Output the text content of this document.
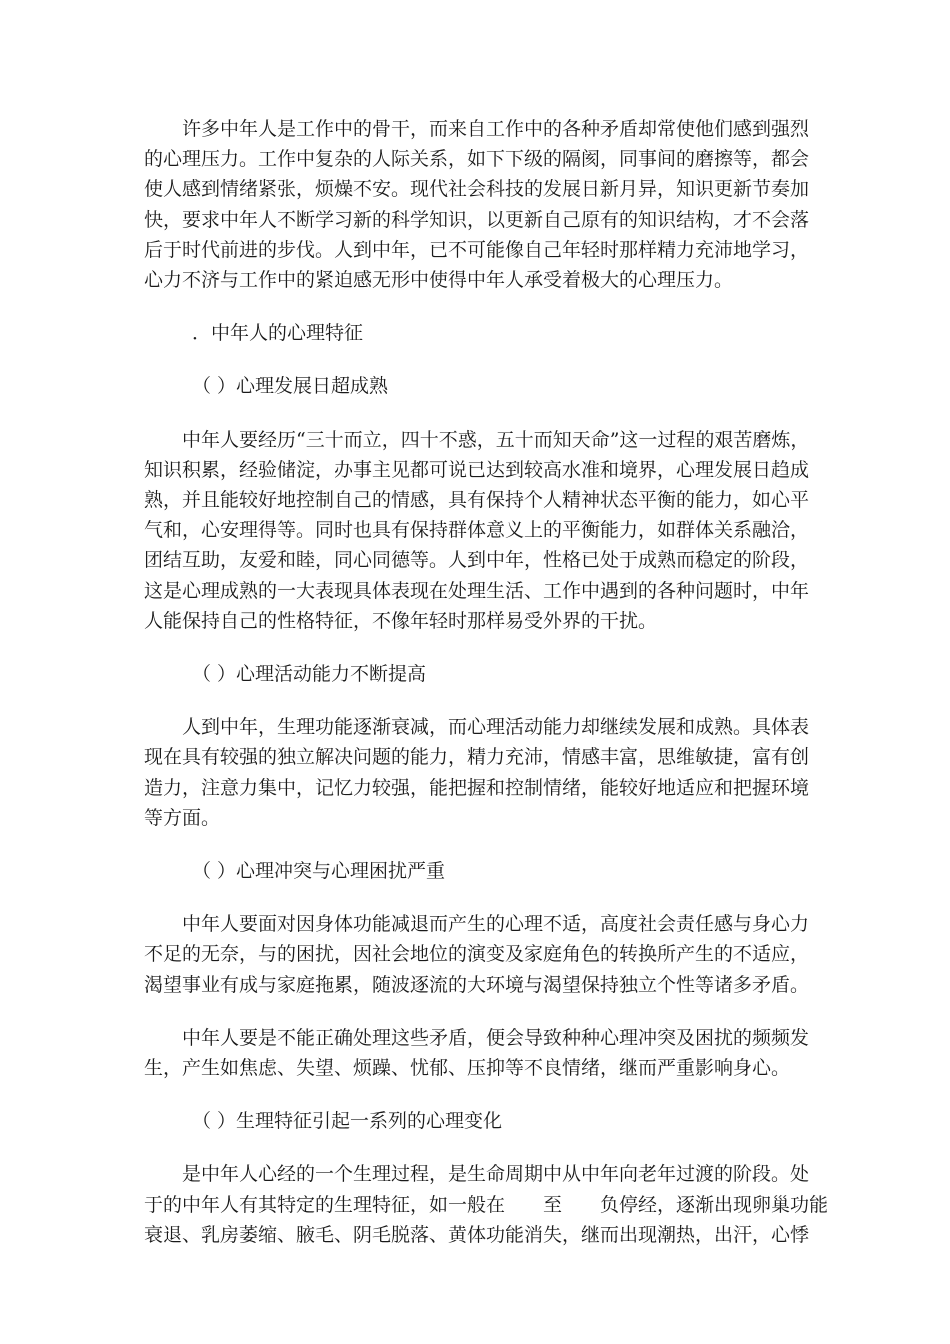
许多中年人是工作中的骨干，而来自工作中的各种矛盾却常使他们感到强烈
的心理压力。工作中复杂的人际关系，如下下级的隔阂，同事间的磨擦等，都会
使人感到情绪紧张，烦燥不安。现代社会科技的发展日新月异，知识更新节奏加
快，要求中年人不断学习新的科学知识，以更新自己原有的知识结构，才不会落
后于时代前进的步伐。人到中年，已不可能像自己年轻时那样精力充沛地学习，
心力不济与工作中的紧迫感无形中使得中年人承受着极大的心理压力。

．中年人的心理特征

（ ）心理发展日超成熟

中年人要经历“三十而立，四十不惑，五十而知天命”这一过程的艰苦磨炼，
知识积累，经验储淀，办事主见都可说已达到较高水准和境界，心理发展日趋成
熟，并且能较好地控制自己的情感，具有保持个人精神状态平衡的能力，如心平
气和，心安理得等。同时也具有保持群体意义上的平衡能力，如群体关系融洽，
团结互助，友爱和睦，同心同德等。人到中年，性格已处于成熟而稳定的阶段，
这是心理成熟的一大表现具体表现在处理生活、工作中遇到的各种问题时，中年
人能保持自己的性格特征，不像年轻时那样易受外界的干扰。

（ ）心理活动能力不断提高

人到中年，生理功能逐渐衰减，而心理活动能力却继续发展和成熟。具体表
现在具有较强的独立解决问题的能力，精力充沛，情感丰富，思维敏捷，富有创
造力，注意力集中，记忆力较强，能把握和控制情绪，能较好地适应和把握环境
等方面。

（ ）心理冲突与心理困扰严重

中年人要面对因身体功能减退而产生的心理不适，高度社会责任感与身心力
不足的无奈，与的困扰，因社会地位的演变及家庭角色的转换所产生的不适应，
渴望事业有成与家庭拖累，随波逐流的大环境与渴望保持独立个性等诸多矛盾。

中年人要是不能正确处理这些矛盾，便会导致种种心理冲突及困扰的频频发
生，产生如焦虑、失望、烦躁、忧郁、压抑等不良情绪，继而严重影响身心。

（ ）生理特征引起一系列的心理变化

是中年人心经的一个生理过程，是生命周期中从中年向老年过渡的阶段。处
于的中年人有其特定的生理特征，如一般在　　至　　负停经，逐渐出现卵巢功能
衰退、乳房萎缩、腋毛、阴毛脱落、黄体功能消失，继而出现潮热，出汗，心悸
